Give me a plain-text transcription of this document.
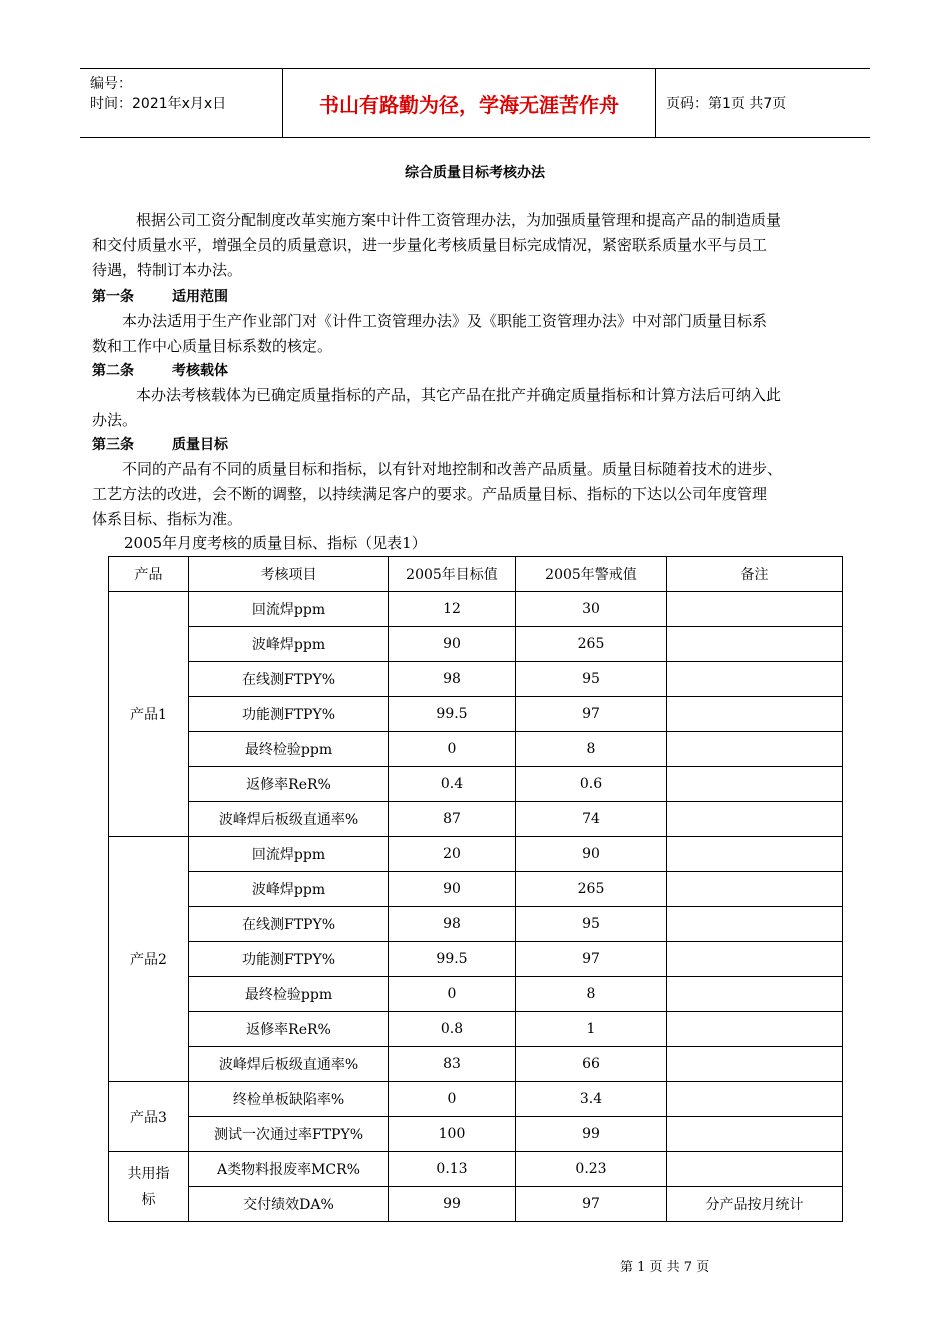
编号：
时间：2021年x月x日	书山有路勤为径，学海无涯苦作舟	页码：第1页 共7页
综合质量目标考核办法
根据公司工资分配制度改革实施方案中计件工资管理办法，为加强质量管理和提高产品的制造质量
和交付质量水平，增强全员的质量意识，进一步量化考核质量目标完成情况，紧密联系质量水平与员工
待遇，特制订本办法。
第一条	适用范围
本办法适用于生产作业部门对《计件工资管理办法》及《职能工资管理办法》中对部门质量目标系
数和工作中心质量目标系数的核定。
第二条	考核载体
本办法考核载体为已确定质量指标的产品，其它产品在批产并确定质量指标和计算方法后可纳入此
办法。
第三条	质量目标
不同的产品有不同的质量目标和指标，以有针对地控制和改善产品质量。质量目标随着技术的进步、
工艺方法的改进，会不断的调整，以持续满足客户的要求。产品质量目标、指标的下达以公司年度管理
体系目标、指标为准。
2005年月度考核的质量目标、指标（见表1）
产品	考核项目	2005年目标值	2005年警戒值	备注
产品1	回流焊ppm	12	30	
	波峰焊ppm	90	265	
	在线测FTPY%	98	95	
	功能测FTPY%	99.5	97	
	最终检验ppm	0	8	
	返修率ReR%	0.4	0.6	
	波峰焊后板级直通率%	87	74	
产品2	回流焊ppm	20	90	
	波峰焊ppm	90	265	
	在线测FTPY%	98	95	
	功能测FTPY%	99.5	97	
	最终检验ppm	0	8	
	返修率ReR%	0.8	1	
	波峰焊后板级直通率%	83	66	
产品3	终检单板缺陷率%	0	3.4	
	测试一次通过率FTPY%	100	99	
共用指标	A类物料报废率MCR%	0.13	0.23	
	交付绩效DA%	99	97	分产品按月统计
第 1 页 共 7 页
